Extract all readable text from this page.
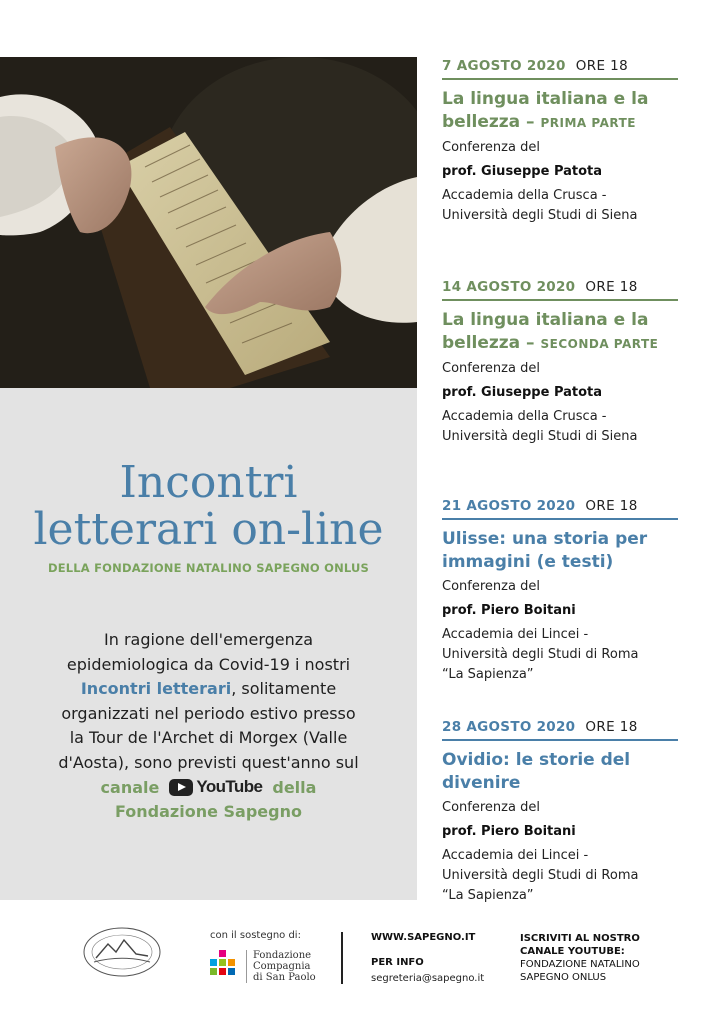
Incontri
letterari on-line
DELLA FONDAZIONE NATALINO SAPEGNO ONLUS
In ragione dell'emergenza
epidemiologica da Covid-19 i nostri
Incontri letterari, solitamente
organizzati nel periodo estivo presso
la Tour de l'Archet di Morgex (Valle
d'Aosta), sono previsti quest'anno sul
canale YouTube della
Fondazione Sapegno
7 AGOSTO 2020 ORE 18
La lingua italiana e la
bellezza – PRIMA PARTE
Conferenza del
prof. Giuseppe Patota
Accademia della Crusca -
Università degli Studi di Siena
14 AGOSTO 2020 ORE 18
La lingua italiana e la
bellezza – SECONDA PARTE
Conferenza del
prof. Giuseppe Patota
Accademia della Crusca -
Università degli Studi di Siena
21 AGOSTO 2020 ORE 18
Ulisse: una storia per
immagini (e testi)
Conferenza del
prof. Piero Boitani
Accademia dei Lincei -
Università degli Studi di Roma
“La Sapienza”
28 AGOSTO 2020 ORE 18
Ovidio: le storie del
divenire
Conferenza del
prof. Piero Boitani
Accademia dei Lincei -
Università degli Studi di Roma
“La Sapienza”
con il sostegno di:
Fondazione
Compagnia
di San Paolo
WWW.SAPEGNO.IT
PER INFO
segreteria@sapegno.it
ISCRIVITI AL NOSTRO
CANALE YOUTUBE:
FONDAZIONE NATALINO
SAPEGNO ONLUS
